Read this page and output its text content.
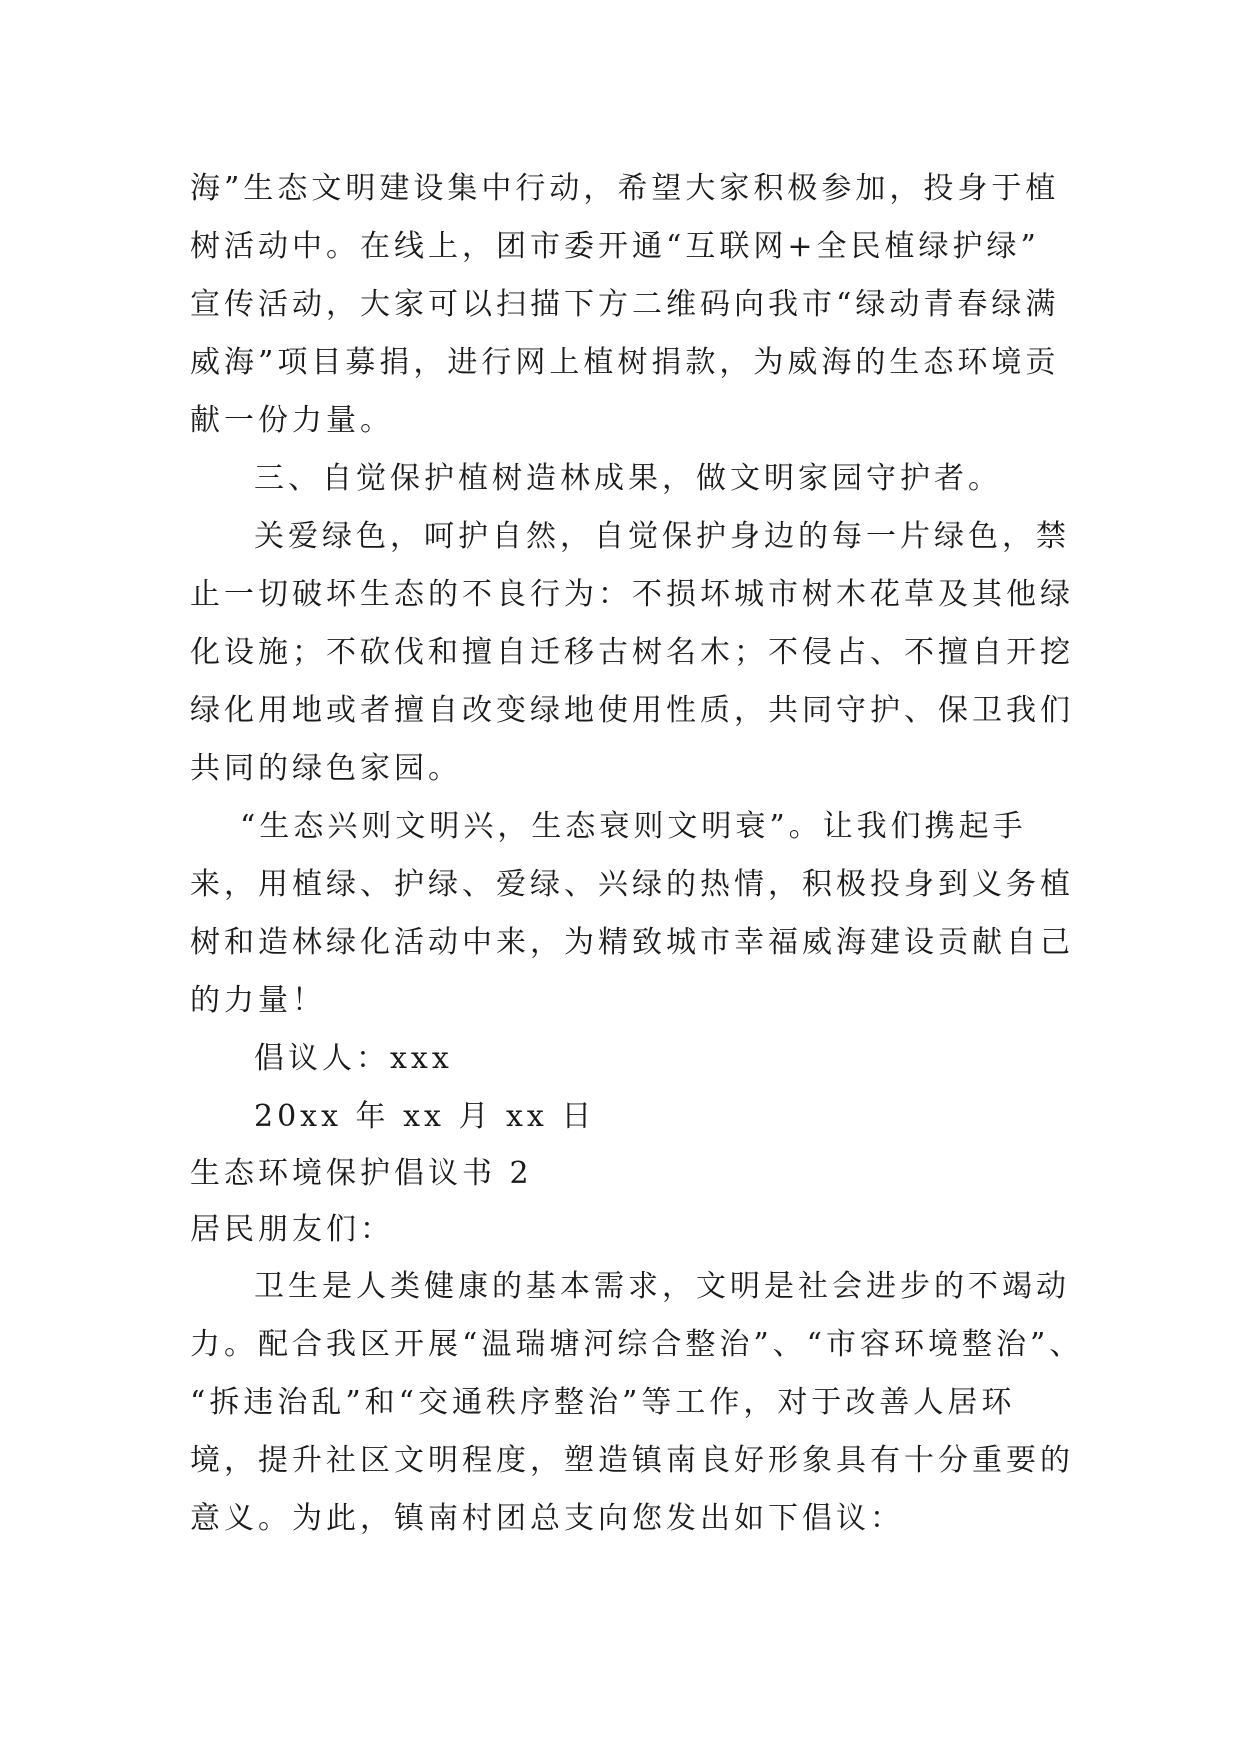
海”生态文明建设集中行动，希望大家积极参加，投身于植
树活动中。在线上，团市委开通“互联网+全民植绿护绿”
宣传活动，大家可以扫描下方二维码向我市“绿动青春绿满
威海”项目募捐，进行网上植树捐款，为威海的生态环境贡
献一份力量。
三、自觉保护植树造林成果，做文明家园守护者。
关爱绿色，呵护自然，自觉保护身边的每一片绿色，禁
止一切破坏生态的不良行为：不损坏城市树木花草及其他绿
化设施；不砍伐和擅自迁移古树名木；不侵占、不擅自开挖
绿化用地或者擅自改变绿地使用性质，共同守护、保卫我们
共同的绿色家园。
“生态兴则文明兴，生态衰则文明衰”。让我们携起手
来，用植绿、护绿、爱绿、兴绿的热情，积极投身到义务植
树和造林绿化活动中来，为精致城市幸福威海建设贡献自己
的力量！
倡议人：xxx
20xx 年 xx 月 xx 日
生态环境保护倡议书 2
居民朋友们：
卫生是人类健康的基本需求，文明是社会进步的不竭动
力。配合我区开展“温瑞塘河综合整治”、“市容环境整治”、
“拆违治乱”和“交通秩序整治”等工作，对于改善人居环
境，提升社区文明程度，塑造镇南良好形象具有十分重要的
意义。为此，镇南村团总支向您发出如下倡议：
